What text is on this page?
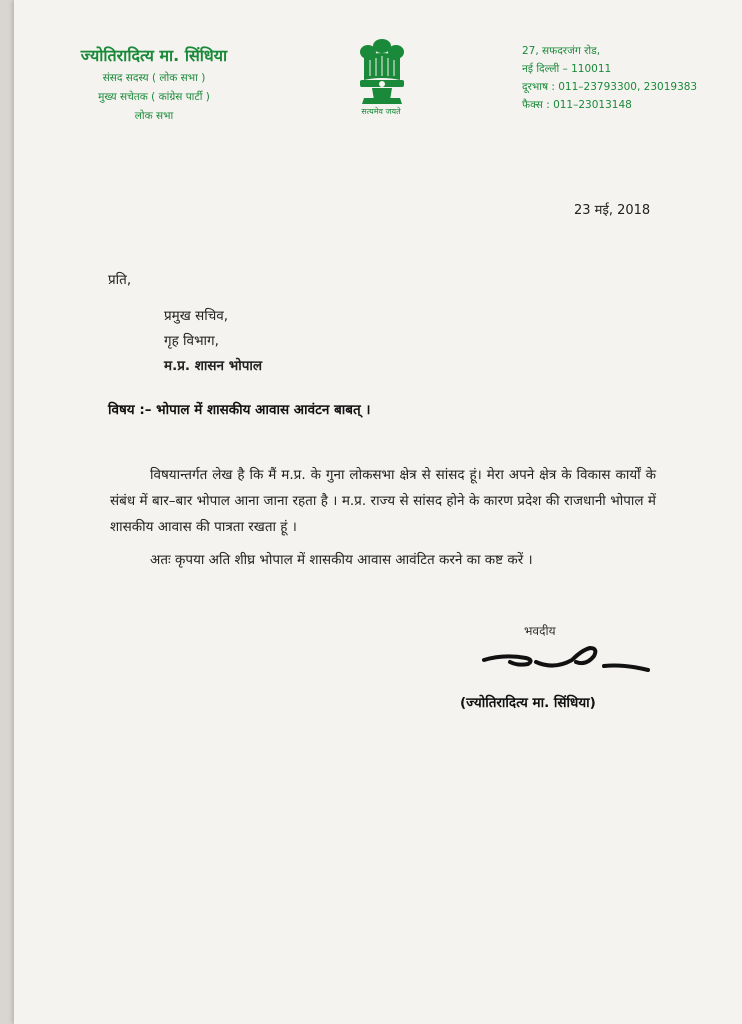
ज्योतिरादित्य मा. सिंधिया
संसद सदस्य ( लोक सभा )
मुख्य सचेतक ( कांग्रेस पार्टी )
लोक सभा	सत्यमेव जयते
27, सफदरजंग रोड,
नई दिल्ली – 110011
दूरभाष : 011–23793300, 23019383
फैक्स : 011–23013148
23 मई, 2018
प्रति,
प्रमुख सचिव,
गृह विभाग,
म.प्र. शासन भोपाल
विषय :– भोपाल में शासकीय आवास आवंटन बाबत् ।

विषयान्तर्गत लेख है कि मैं म.प्र. के गुना लोकसभा क्षेत्र से सांसद हूं। मेरा अपने क्षेत्र के विकास कार्यों के संबंध में बार–बार भोपाल आना जाना रहता है । म.प्र. राज्य से सांसद होने के कारण प्रदेश की राजधानी भोपाल में शासकीय आवास की पात्रता रखता हूं ।

अतः कृपया अति शीघ्र भोपाल में शासकीय आवास आवंटित करने का कष्ट करें ।
भवदीय
(ज्योतिरादित्य मा. सिंधिया)
